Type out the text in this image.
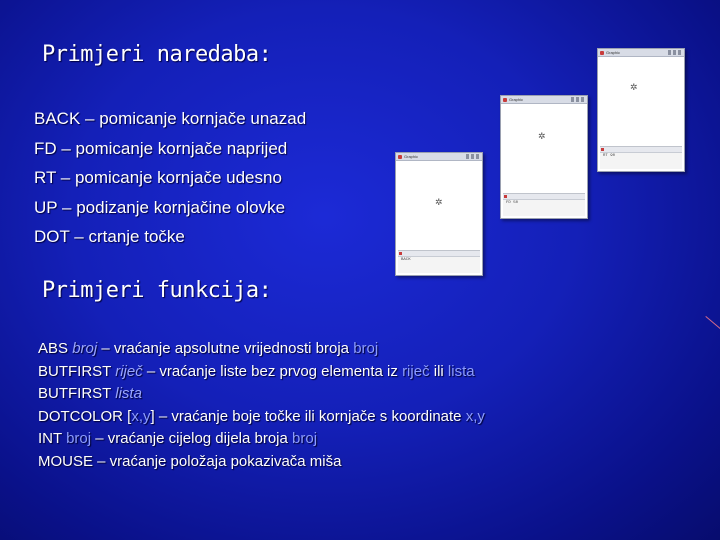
Primjeri naredaba:
BACK – pomicanje kornjače unazad
FD – pomicanje kornjače naprijed
RT – pomicanje kornjače udesno
UP – podizanje kornjačine olovke
DOT – crtanje točke
Graphic
✲
BACK
Graphic
✲
FD 50
Graphic
✲
RT 90
Primjeri funkcija:
ABS broj – vraćanje apsolutne vrijednosti broja broj
BUTFIRST riječ – vraćanje liste bez prvog elementa iz riječ ili lista
BUTFIRST lista
DOTCOLOR [x,y] – vraćanje boje točke ili kornjače s koordinate x,y
INT broj – vraćanje cijelog dijela broja broj
MOUSE – vraćanje položaja pokazivača miša
